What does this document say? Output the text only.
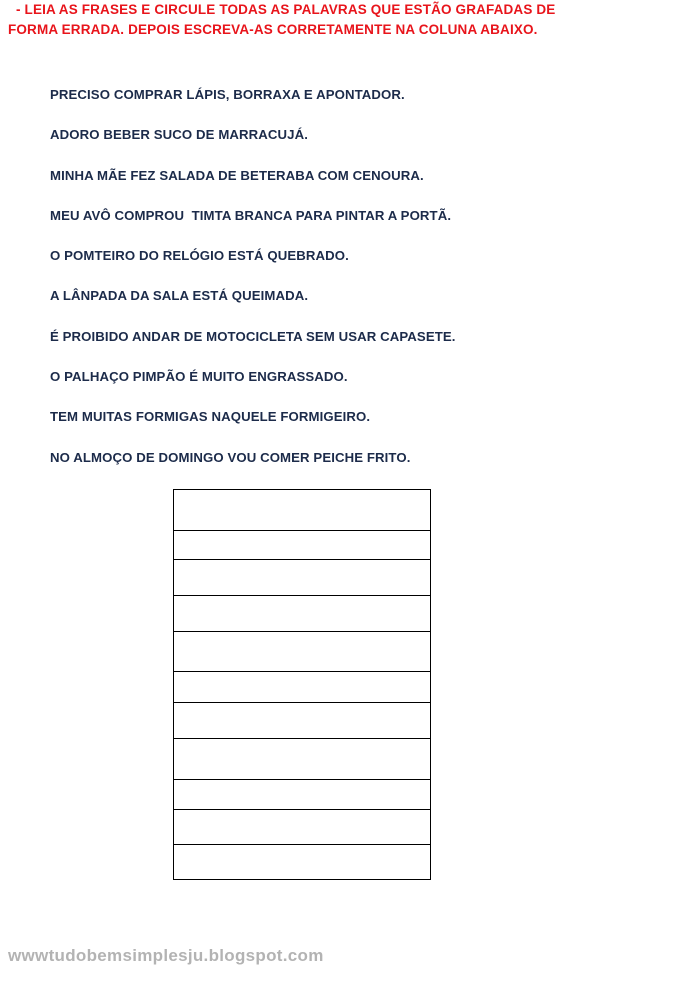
- LEIA AS FRASES E CIRCULE TODAS AS PALAVRAS QUE ESTÃO GRAFADAS DE
FORMA ERRADA. DEPOIS ESCREVA-AS CORRETAMENTE NA COLUNA ABAIXO.

PRECISO COMPRAR LÁPIS, BORRAXA E APONTADOR.
ADORO BEBER SUCO DE MARRACUJÁ.
MINHA MÃE FEZ SALADA DE BETERABA COM CENOURA.
MEU AVÔ COMPROU  TIMTA BRANCA PARA PINTAR A PORTÃ.
O POMTEIRO DO RELÓGIO ESTÁ QUEBRADO.
A LÂNPADA DA SALA ESTÁ QUEIMADA.
É PROIBIDO ANDAR DE MOTOCICLETA SEM USAR CAPASETE.
O PALHAÇO PIMPÃO É MUITO ENGRASSADO.
TEM MUITAS FORMIGAS NAQUELE FORMIGEIRO.
NO ALMOÇO DE DOMINGO VOU COMER PEICHE FRITO.

wwwtudobemsimplesju.blogspot.com
